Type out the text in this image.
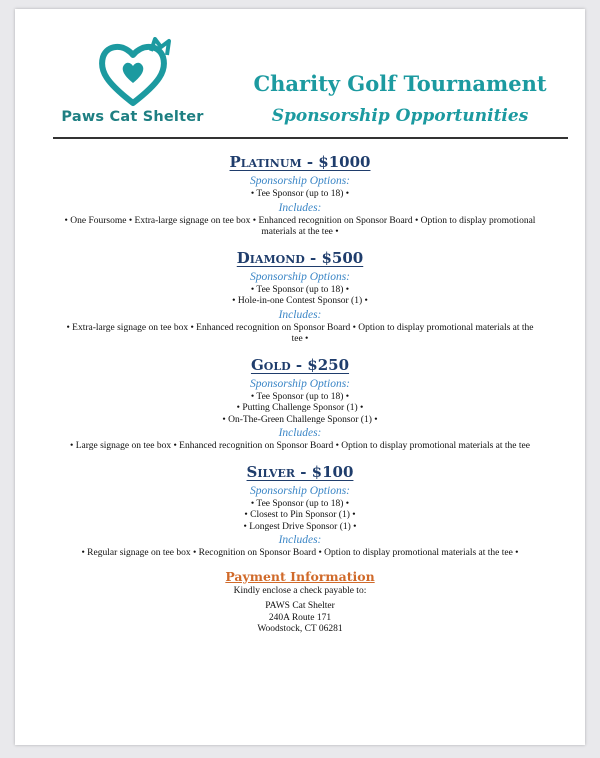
Paws Cat Shelter
Charity Golf Tournament
Sponsorship Opportunities
Platinum - $1000
Sponsorship Options:
• Tee Sponsor (up to 18) •
Includes:
• One Foursome • Extra-large signage on tee box • Enhanced recognition on Sponsor Board • Option to display promotional materials at the tee •
Diamond - $500
Sponsorship Options:
• Tee Sponsor (up to 18) •
• Hole-in-one Contest Sponsor (1) •
Includes:
• Extra-large signage on tee box • Enhanced recognition on Sponsor Board • Option to display promotional materials at the tee •
Gold - $250
Sponsorship Options:
• Tee Sponsor (up to 18) •
• Putting Challenge Sponsor (1) •
• On-The-Green Challenge Sponsor (1) •
Includes:
• Large signage on tee box • Enhanced recognition on Sponsor Board • Option to display promotional materials at the tee
Silver - $100
Sponsorship Options:
• Tee Sponsor (up to 18) •
• Closest to Pin Sponsor (1) •
• Longest Drive Sponsor (1) •
Includes:
• Regular signage on tee box • Recognition on Sponsor Board • Option to display promotional materials at the tee •
Payment Information
Kindly enclose a check payable to:
PAWS Cat Shelter
240A Route 171
Woodstock, CT 06281
